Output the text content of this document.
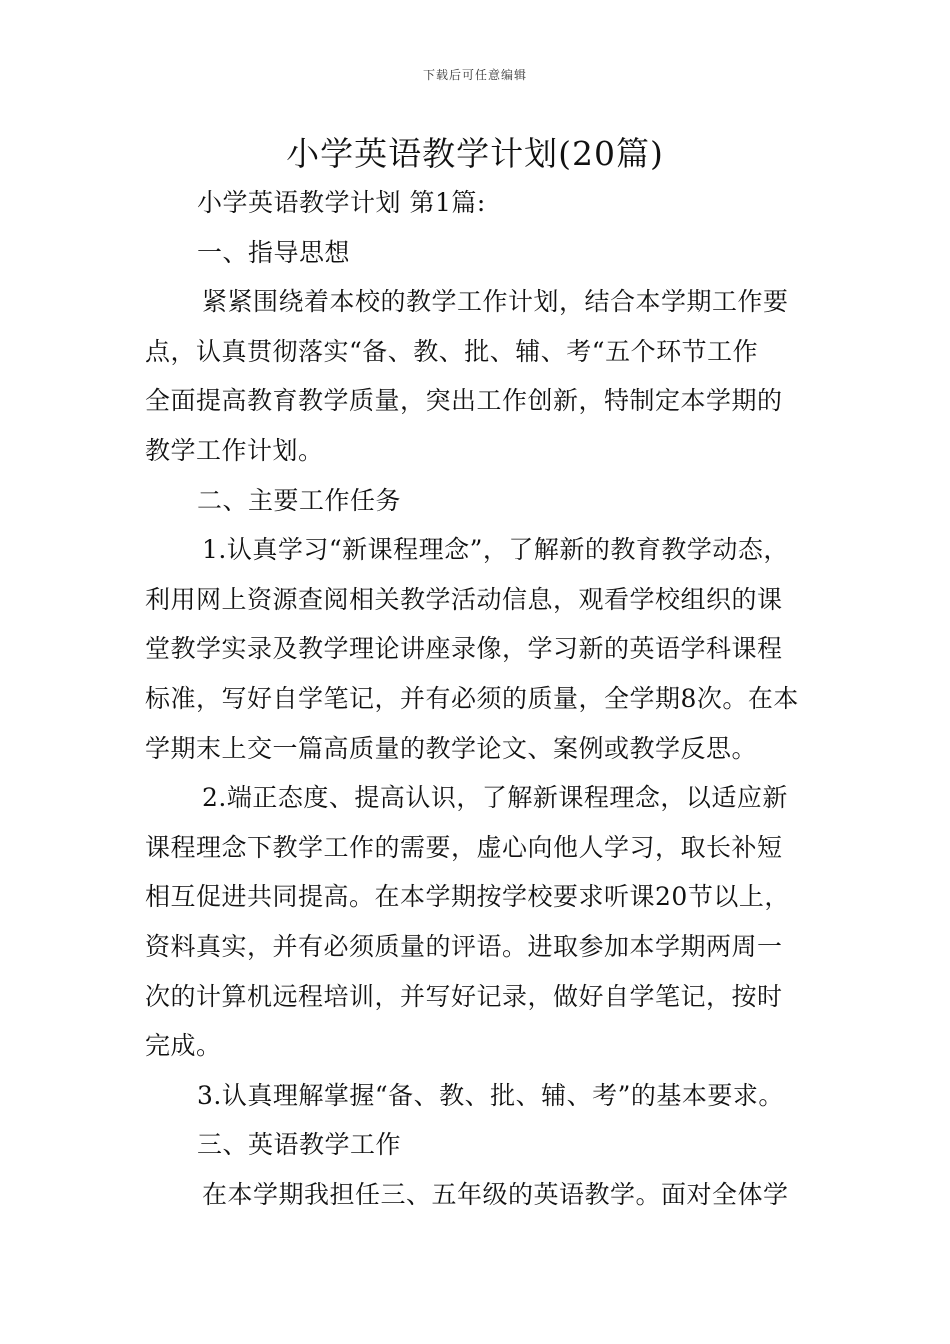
下载后可任意编辑
小学英语教学计划(20篇)
小学英语教学计划 第1篇:
一、指导思想
紧紧围绕着本校的教学工作计划，结合本学期工作要
点，认真贯彻落实“备、教、批、辅、考“五个环节工作
全面提高教育教学质量，突出工作创新，特制定本学期的
教学工作计划。
二、主要工作任务
1.认真学习“新课程理念”，了解新的教育教学动态，
利用网上资源查阅相关教学活动信息，观看学校组织的课
堂教学实录及教学理论讲座录像，学习新的英语学科课程
标准，写好自学笔记，并有必须的质量，全学期8次。在本
学期末上交一篇高质量的教学论文、案例或教学反思。
2.端正态度、提高认识，了解新课程理念，以适应新
课程理念下教学工作的需要，虚心向他人学习，取长补短
相互促进共同提高。在本学期按学校要求听课20节以上，
资料真实，并有必须质量的评语。进取参加本学期两周一
次的计算机远程培训，并写好记录，做好自学笔记，按时
完成。
3.认真理解掌握“备、教、批、辅、考”的基本要求。
三、英语教学工作
在本学期我担任三、五年级的英语教学。面对全体学
